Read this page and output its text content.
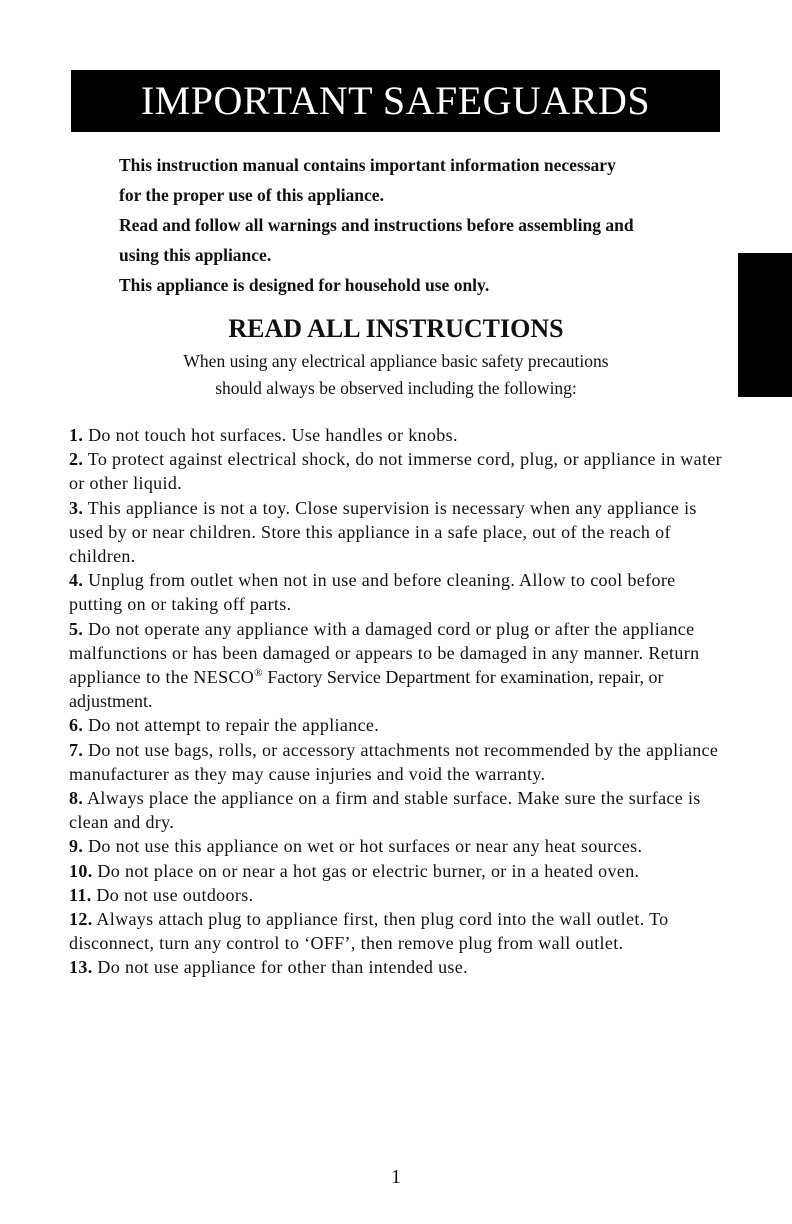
IMPORTANT SAFEGUARDS

This instruction manual contains important information necessary

for the proper use of this appliance.

Read and follow all warnings and instructions before assembling and

using this appliance.

This appliance is designed for household use only.

READ ALL INSTRUCTIONS

When using any electrical appliance basic safety precautions

should always be observed including the following:

1. Do not touch hot surfaces. Use handles or knobs.

2. To protect against electrical shock, do not immerse cord, plug, or appliance in water or other liquid.

3. This appliance is not a toy. Close supervision is necessary when any appliance is used by or near children. Store this appliance in a safe place, out of the reach of children.

4. Unplug from outlet when not in use and before cleaning. Allow to cool before putting on or taking off parts.

5. Do not operate any appliance with a damaged cord or plug or after the appliance malfunctions or has been damaged or appears to be damaged in any manner. Return appliance to the NESCO® Factory Service Department for examination, repair, or adjustment.

6. Do not attempt to repair the appliance.

7. Do not use bags, rolls, or accessory attachments not recommended by the appliance manufacturer as they may cause injuries and void the warranty.

8. Always place the appliance on a firm and stable surface. Make sure the surface is clean and dry.

9. Do not use this appliance on wet or hot surfaces or near any heat sources.

10. Do not place on or near a hot gas or electric burner, or in a heated oven.

11. Do not use outdoors.

12. Always attach plug to appliance first, then plug cord into the wall outlet. To disconnect, turn any control to ‘OFF’, then remove plug from wall outlet.

13. Do not use appliance for other than intended use.

1
